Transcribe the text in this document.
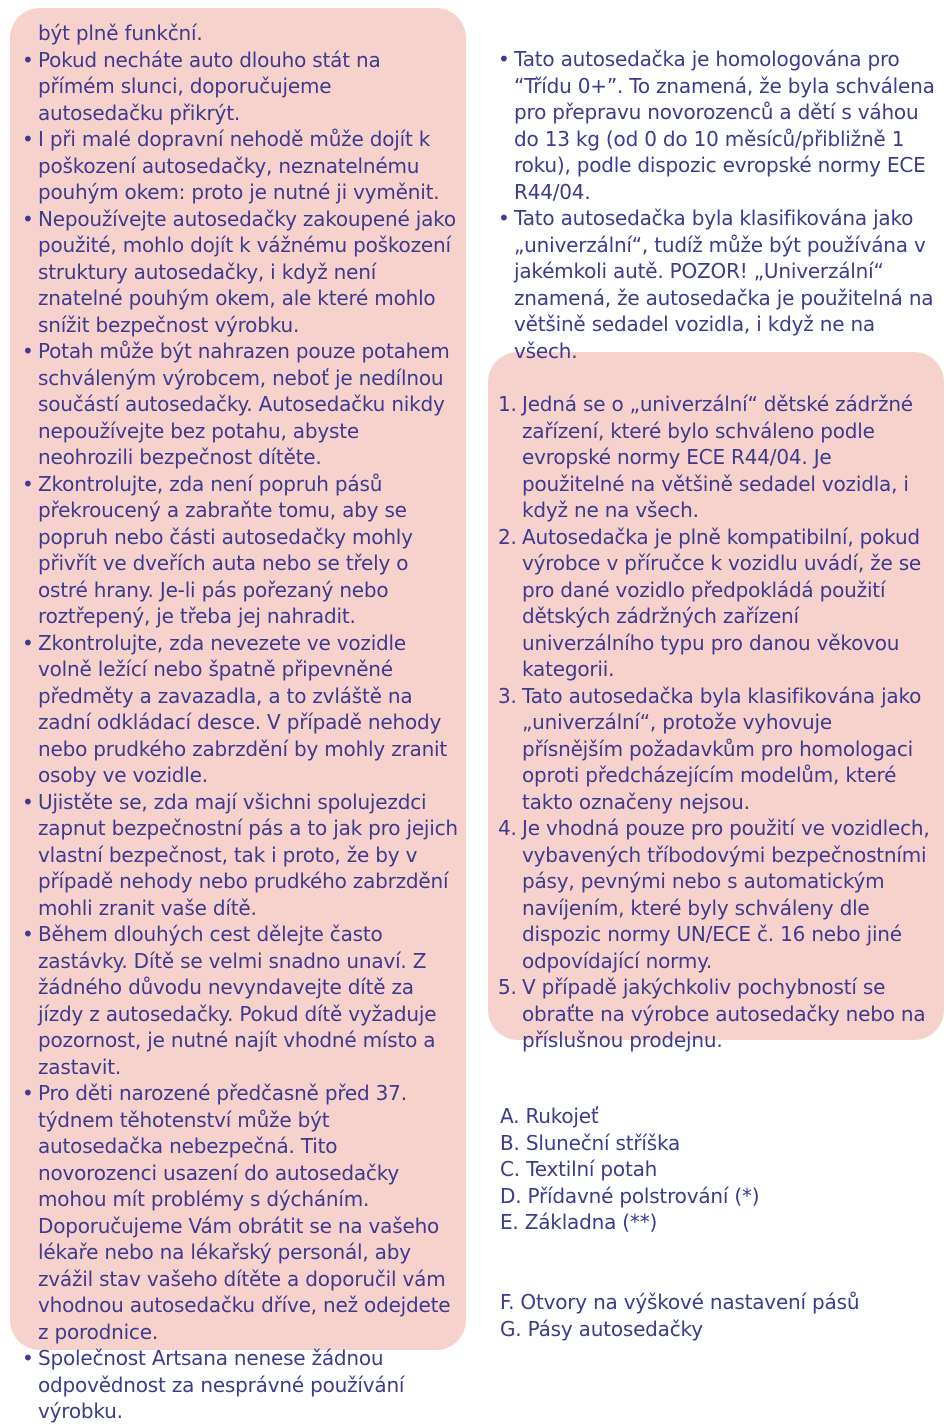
být plně funkční.
• Pokud necháte auto dlouho stát na přímém slunci, doporučujeme autosedačku přikrýt.
• I při malé dopravní nehodě může dojít k poškození autosedačky, neznatelnému pouhým okem: proto je nutné ji vyměnit.
• Nepoužívejte autosedačky zakoupené jako použité, mohlo dojít k vážnému poškození struktury autosedačky, i když není znatelné pouhým okem, ale které mohlo snížit bezpečnost výrobku.
• Potah může být nahrazen pouze potahem schváleným výrobcem, neboť je nedílnou součástí autosedačky. Autosedačku nikdy nepoužívejte bez potahu, abyste neohrozili bezpečnost dítěte.
• Zkontrolujte, zda není popruh pásů překroucený a zabraňte tomu, aby se popruh nebo části autosedačky mohly přivřít ve dveřích auta nebo se třely o ostré hrany. Je-li pás pořezaný nebo roztřepený, je třeba jej nahradit.
• Zkontrolujte, zda nevezete ve vozidle volně ležící nebo špatně připevněné předměty a zavazadla, a to zvláště na zadní odkládací desce. V případě nehody nebo prudkého zabrzdění by mohly zranit osoby ve vozidle.
• Ujistěte se, zda mají všichni spolujezdci zapnut bezpečnostní pás a to jak pro jejich vlastní bezpečnost, tak i proto, že by v případě nehody nebo prudkého zabrzdění mohli zranit vaše dítě.
• Během dlouhých cest dělejte často zastávky. Dítě se velmi snadno unaví. Z žádného důvodu nevyndavejte dítě za jízdy z autosedačky. Pokud dítě vyžaduje pozornost, je nutné najít vhodné místo a zastavit.
• Pro děti narozené předčasně před 37. týdnem těhotenství může být autosedačka nebezpečná. Tito novorozenci usazení do autosedačky mohou mít problémy s dýcháním. Doporučujeme Vám obrátit se na vašeho lékaře nebo na lékařský personál, aby zvážil stav vašeho dítěte a doporučil vám vhodnou autosedačku dříve, než odejdete z porodnice.
• Společnost Artsana nenese žádnou odpovědnost za nesprávné používání výrobku.
• Tato autosedačka je homologována pro “Třídu 0+”. To znamená, že byla schválena pro přepravu novorozenců a dětí s váhou do 13 kg (od 0 do 10 měsíců/přibližně 1 roku), podle dispozic evropské normy ECE R44/04.
• Tato autosedačka byla klasifikována jako „univerzální“, tudíž může být používána v jakémkoli autě. POZOR! „Univerzální“ znamená, že autosedačka je použitelná na většině sedadel vozidla, i když ne na všech.
1. Jedná se o „univerzální“ dětské zádržné zařízení, které bylo schváleno podle evropské normy ECE R44/04. Je použitelné na většině sedadel vozidla, i když ne na všech.
2. Autosedačka je plně kompatibilní, pokud výrobce v příručce k vozidlu uvádí, že se pro dané vozidlo předpokládá použití dětských zádržných zařízení univerzálního typu pro danou věkovou kategorii.
3. Tato autosedačka byla klasifikována jako „univerzální“, protože vyhovuje přísnějším požadavkům pro homologaci oproti předcházejícím modelům, které takto označeny nejsou.
4. Je vhodná pouze pro použití ve vozidlech, vybavených tříbodovými bezpečnostními pásy, pevnými nebo s automatickým navíjením, které byly schváleny dle dispozic normy UN/ECE č. 16 nebo jiné odpovídající normy.
5. V případě jakýchkoliv pochybností se obraťte na výrobce autosedačky nebo na příslušnou prodejnu.
A. Rukojeť
B. Sluneční stříška
C. Textilní potah
D. Přídavné polstrování (*)
E. Základna (**)
F. Otvory na výškové nastavení pásů
G. Pásy autosedačky
